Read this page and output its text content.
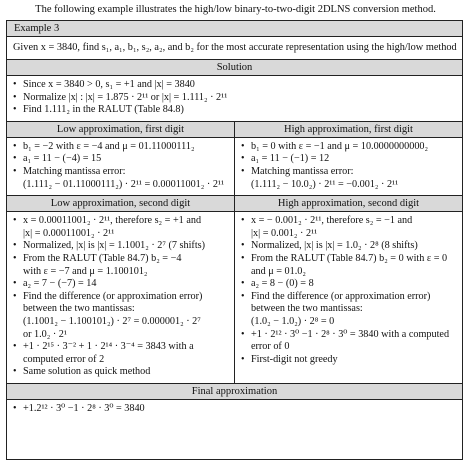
The following example illustrates the high/low binary-to-two-digit 2DLNS conversion method.
Example 3
Given x = 3840, find s₁, a₁, b₁, s₂, a₂, and b₂ for the most accurate representation using the high/low method
Solution
• Since x = 3840 > 0, s₁ = +1 and |x| = 3840
• Normalize |x| : |x| = 1.875 · 2¹¹ or |x| = 1.111₂ · 2¹¹
• Find 1.111₂ in the RALUT (Table 84.8)
Low approximation, first digit	High approximation, first digit
• b₁ = −2 with ε = −4 and μ = 01.11000111₂
• a₁ = 11 − (−4) = 15
• Matching mantissa error:
(1.111₂ − 01.11000111₂) · 2¹¹ = 0.00011001₂ · 2¹¹
• b₁ = 0 with ε = −1 and μ = 10.0000000000₂
• a₁ = 11 − (−1) = 12
• Matching mantissa error:
(1.111₂ − 10.0₂) · 2¹¹ = −0.001₂ · 2¹¹
Low approximation, second digit	High approximation, second digit
• x = 0.00011001₂ · 2¹¹, therefore s₂ = +1 and
|x| = 0.00011001₂ · 2¹¹
• Normalized, |x| is |x| = 1.1001₂ · 2⁷ (7 shifts)
• From the RALUT (Table 84.7) b₂ = −4
with ε = −7 and μ = 1.100101₂
• a₂ = 7 − (−7) = 14
• Find the difference (or approximation error)
between the two mantissas:
(1.1001₂ − 1.100101₂) · 2⁷ = 0.000001₂ · 2⁷
or 1.0₂ · 2¹
• +1 · 2¹⁵ · 3⁻² + 1 · 2¹⁴ · 3⁻⁴ = 3843 with a
computed error of 2
• Same solution as quick method
• x = − 0.001₂ · 2¹¹, therefore s₂ = −1 and
|x| = 0.001₂ · 2¹¹
• Normalized, |x| is |x| = 1.0₂ · 2⁸ (8 shifts)
• From the RALUT (Table 84.7) b₂ = 0 with ε = 0
and μ = 01.0₂
• a₂ = 8 − (0) = 8
• Find the difference (or approximation error)
between the two mantissas:
(1.0₂ − 1.0₂) · 2⁸ = 0
• +1 · 2¹² · 3⁰ −1 · 2⁸ · 3⁰ = 3840 with a computed
error of 0
• First-digit not greedy
Final approximation
• +1.2¹² · 3⁰ −1 · 2⁸ · 3⁰ = 3840
